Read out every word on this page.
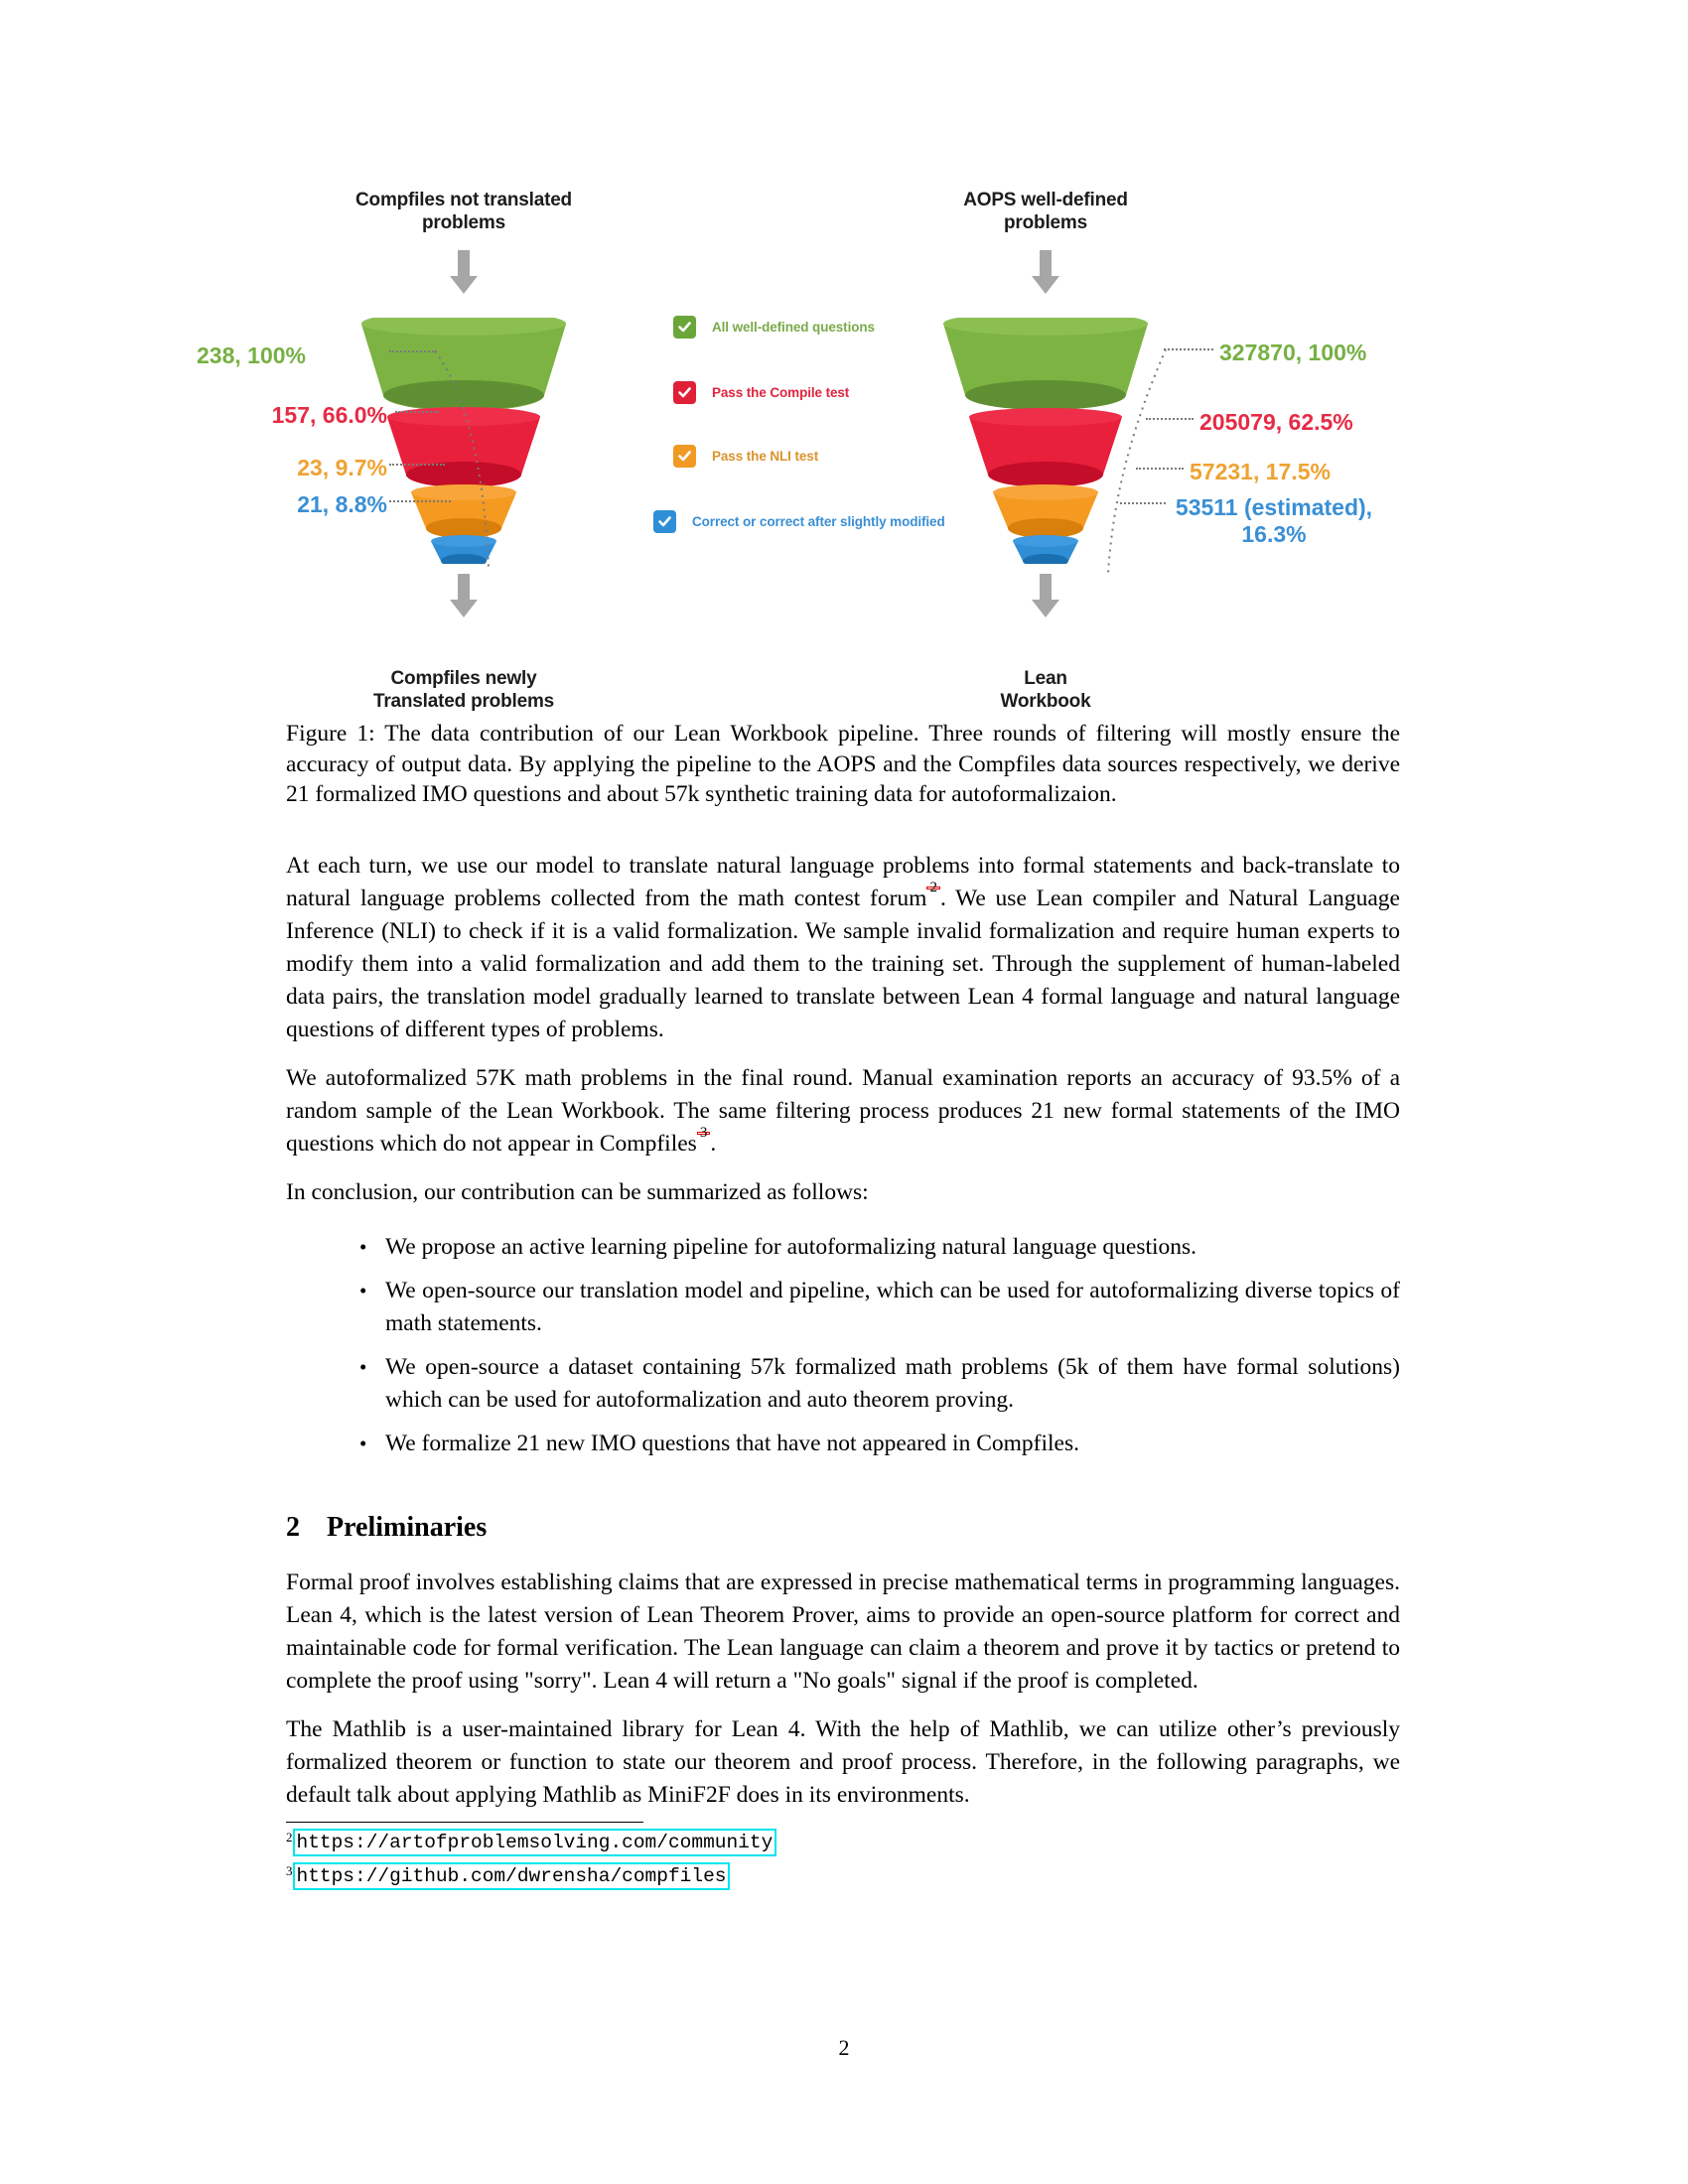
Compfiles not translated
problems
Compfiles newly
Translated problems
238, 100%
157, 66.0%
23, 9.7%
21, 8.8%
All well-defined questions
Pass the Compile test
Pass the NLI test
Correct or correct after slightly modified
AOPS well-defined
problems
Lean
Workbook
327870, 100%
205079, 62.5%
57231, 17.5%
53511 (estimated),
16.3%
Figure 1: The data contribution of our Lean Workbook pipeline. Three rounds of filtering will mostly ensure the accuracy of output data. By applying the pipeline to the AOPS and the Compfiles data sources respectively, we derive 21 formalized IMO questions and about 57k synthetic training data for autoformalizaion.

At each turn, we use our model to translate natural language problems into formal statements and back-translate to natural language problems collected from the math contest forum $^2$ . We use Lean compiler and Natural Language Inference (NLI) to check if it is a valid formalization. We sample invalid formalization and require human experts to modify them into a valid formalization and add them to the training set. Through the supplement of human-labeled data pairs, the translation model gradually learned to translate between Lean 4 formal language and natural language questions of different types of problems.

We autoformalized 57K math problems in the final round. Manual examination reports an accuracy of 93.5% of a random sample of the Lean Workbook. The same filtering process produces 21 new formal statements of the IMO questions which do not appear in Compfiles $^3$ .

In conclusion, our contribution can be summarized as follows:

• We propose an active learning pipeline for autoformalizing natural language questions.
• We open-source our translation model and pipeline, which can be used for autoformalizing diverse topics of math statements.
• We open-source a dataset containing 57k formalized math problems (5k of them have formal solutions) which can be used for autoformalization and auto theorem proving.
• We formalize 21 new IMO questions that have not appeared in Compfiles.
2 Preliminaries

Formal proof involves establishing claims that are expressed in precise mathematical terms in programming languages. Lean 4, which is the latest version of Lean Theorem Prover, aims to provide an open-source platform for correct and maintainable code for formal verification. The Lean language can claim a theorem and prove it by tactics or pretend to complete the proof using "sorry". Lean 4 will return a "No goals" signal if the proof is completed.

The Mathlib is a user-maintained library for Lean 4. With the help of Mathlib, we can utilize other’s previously formalized theorem or function to state our theorem and proof process. Therefore, in the following paragraphs, we default talk about applying Mathlib as MiniF2F does in its environments.

2 https://artofproblemsolving.com/community
3 https://github.com/dwrensha/compfiles
2
